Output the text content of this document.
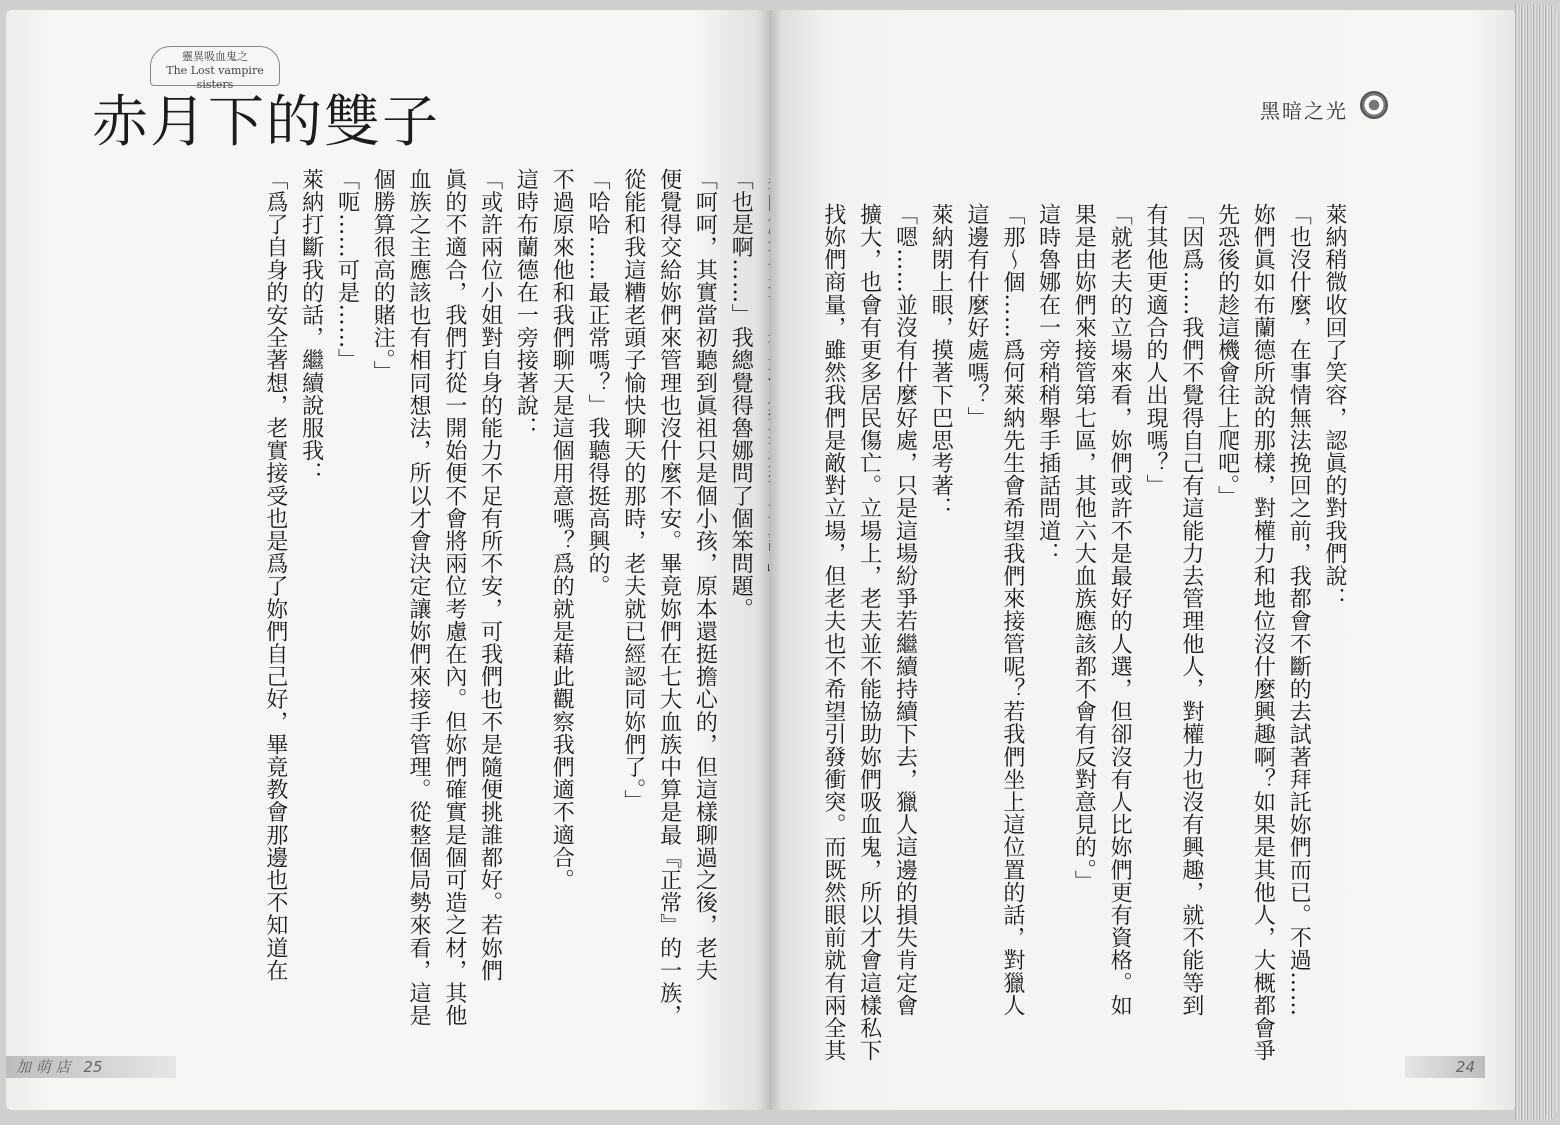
靈異吸血鬼之
The Lost vampire sisters
赤月下的雙子

「也是啊……」我總覺得魯娜問了個笨問題。

「呵呵，其實當初聽到眞祖只是個小孩，原本還挺擔心的，但這樣聊過之後，老夫

便覺得交給妳們來管理也沒什麼不安。畢竟妳們在七大血族中算是最『正常』的一族，

從能和我這糟老頭子愉快聊天的那時，老夫就已經認同妳們了。」

「哈哈……最正常嗎？」我聽得挺高興的。

不過原來他和我們聊天是這個用意嗎？爲的就是藉此觀察我們適不適合。

這時布蘭德在一旁接著說：

「或許兩位小姐對自身的能力不足有所不安，可我們也不是隨便挑誰都好。若妳們

眞的不適合，我們打從一開始便不會將兩位考慮在內。但妳們確實是個可造之材，其他

血族之主應該也有相同想法，所以才會決定讓妳們來接手管理。從整個局勢來看，這是

個勝算很高的賭注。」

「呃……可是……」

萊納打斷我的話，繼續說服我：

「爲了自身的安全著想，老實接受也是爲了妳們自己好，畢竟教會那邊也不知道在	萊納稍微收回了笑容，認眞的對我們說：

「也沒什麼，在事情無法挽回之前，我都會不斷的去試著拜託妳們而已。不過……

妳們眞如布蘭德所說的那樣，對權力和地位沒什麼興趣啊？如果是其他人，大概都會爭

先恐後的趁這機會往上爬吧。」

「因爲……我們不覺得自己有這能力去管理他人，對權力也沒有興趣，就不能等到

有其他更適合的人出現嗎？」

「就老夫的立場來看，妳們或許不是最好的人選，但卻沒有人比妳們更有資格。如

果是由妳們來接管第七區，其他六大血族應該都不會有反對意見的。」

這時魯娜在一旁稍稍舉手插話問道：

「那～個……爲何萊納先生會希望我們來接管呢？若我們坐上這位置的話，對獵人

這邊有什麼好處嗎？」

萊納閉上眼，摸著下巴思考著：

「嗯……並沒有什麼好處，只是這場紛爭若繼續持續下去，獵人這邊的損失肯定會

擴大，也會有更多居民傷亡。立場上，老夫並不能協助妳們吸血鬼，所以才會這樣私下

找妳們商量，雖然我們是敵對立場，但老夫也不希望引發衝突。而既然眼前就有兩全其

黑暗之光
加 萌 店 25	24
